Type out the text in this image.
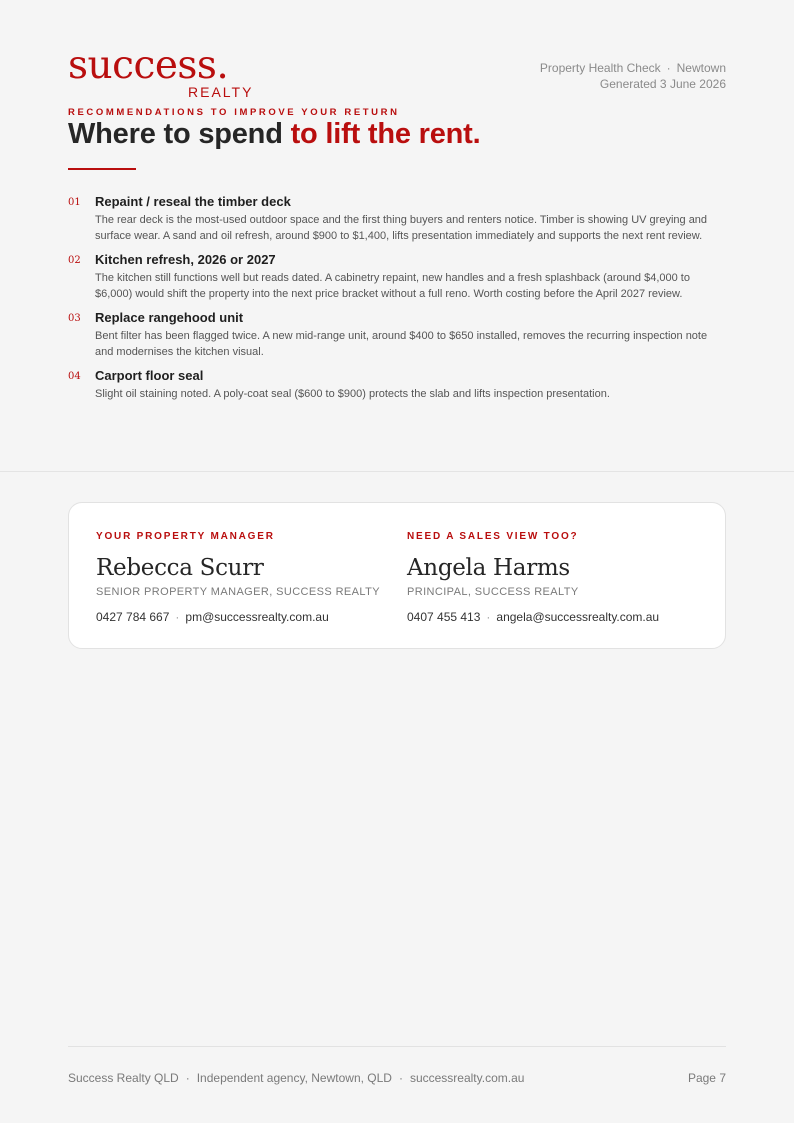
success.
REALTY
Property Health Check · Newtown
Generated 3 June 2026
RECOMMENDATIONS TO IMPROVE YOUR RETURN
Where to spend to lift the rent.
01 Repaint / reseal the timber deck

The rear deck is the most-used outdoor space and the first thing buyers and renters notice. Timber is showing UV greying and surface wear. A sand and oil refresh, around $900 to $1,400, lifts presentation immediately and supports the next rent review.

02 Kitchen refresh, 2026 or 2027

The kitchen still functions well but reads dated. A cabinetry repaint, new handles and a fresh splashback (around $4,000 to $6,000) would shift the property into the next price bracket without a full reno. Worth costing before the April 2027 review.

03 Replace rangehood unit

Bent filter has been flagged twice. A new mid-range unit, around $400 to $650 installed, removes the recurring inspection note and modernises the kitchen visual.

04 Carport floor seal

Slight oil staining noted. A poly-coat seal ($600 to $900) protects the slab and lifts inspection presentation.

YOUR PROPERTY MANAGER
Rebecca Scurr
SENIOR PROPERTY MANAGER, SUCCESS REALTY
0427 784 667 · pm@successrealty.com.au
NEED A SALES VIEW TOO?
Angela Harms
PRINCIPAL, SUCCESS REALTY
0407 455 413 · angela@successrealty.com.au
Success Realty QLD · Independent agency, Newtown, QLD · successrealty.com.au	Page 7
